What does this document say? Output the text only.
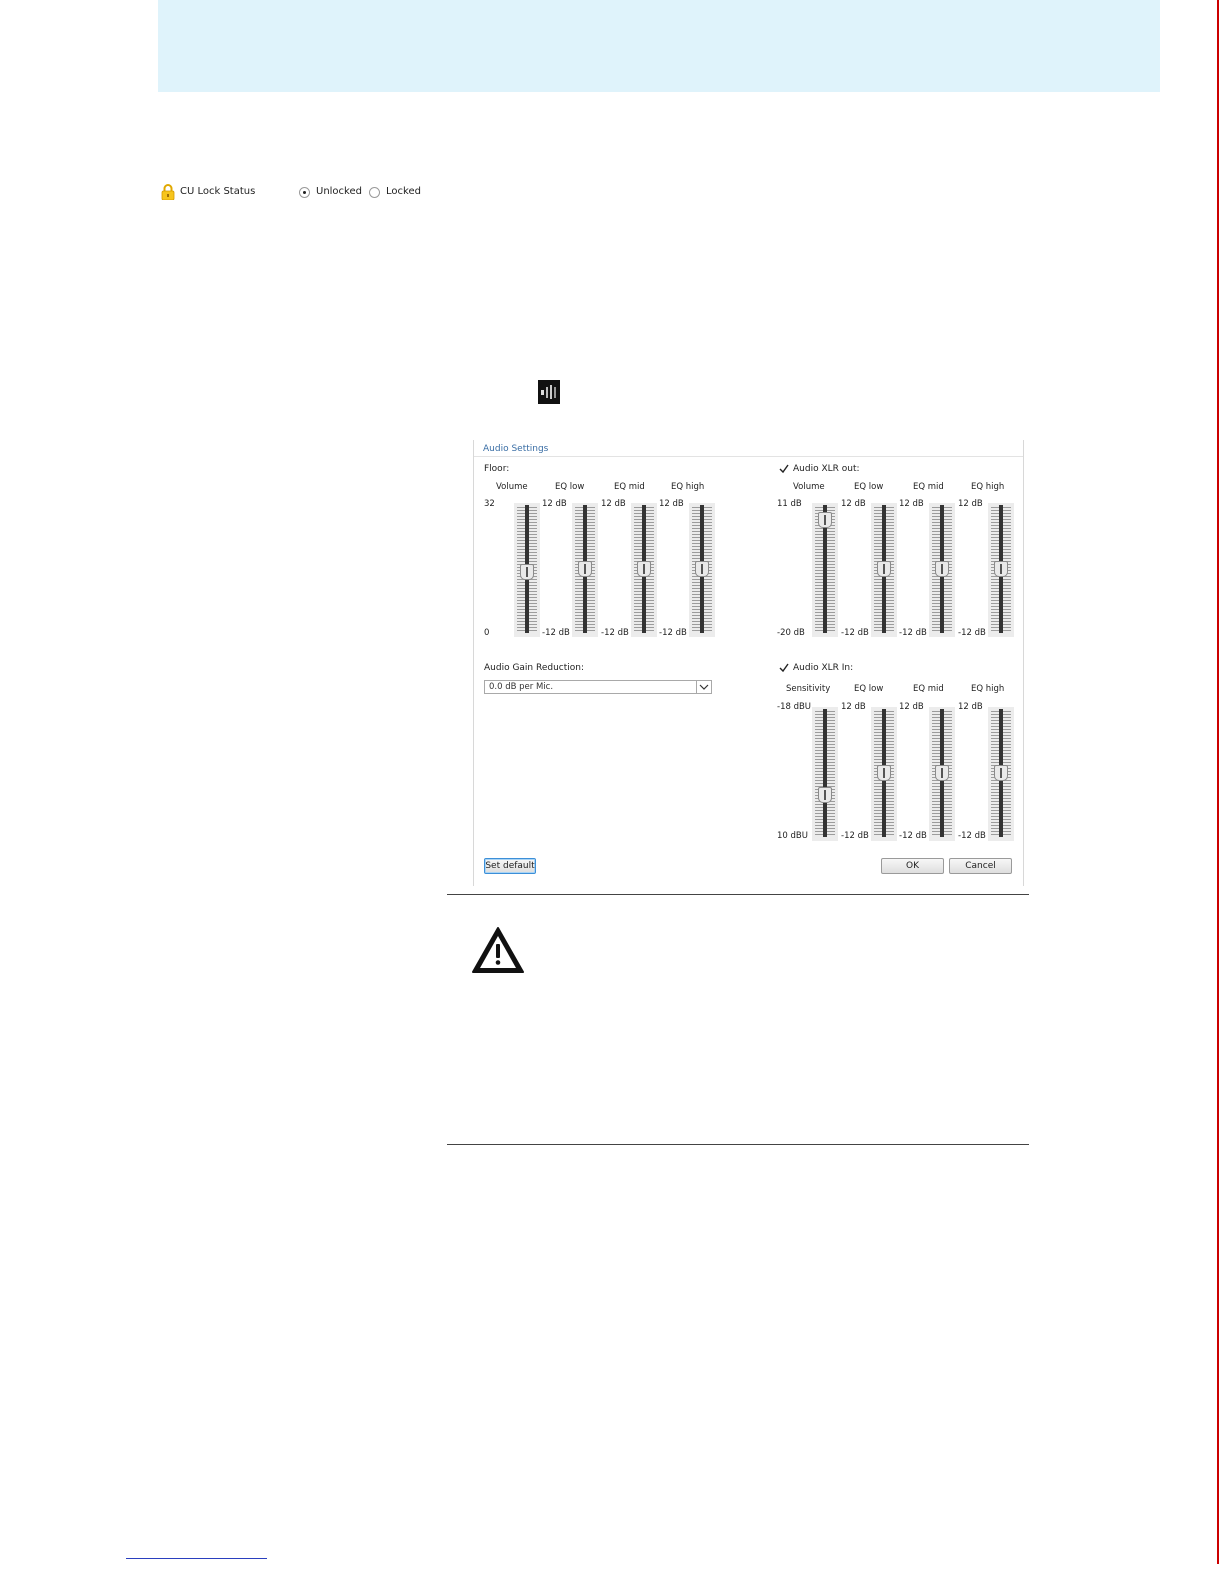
CU Lock Status	Unlocked Locked
Audio Settings
Floor:
Volume
32
0
EQ low
12 dB
-12 dB
EQ mid
12 dB
-12 dB
EQ high
12 dB
-12 dB
Audio XLR out:
Volume
11 dB
-20 dB
EQ low
12 dB
-12 dB
EQ mid
12 dB
-12 dB
EQ high
12 dB
-12 dB
Audio Gain Reduction:
0.0 dB per Mic.
Audio XLR In:
Sensitivity
-18 dBU
10 dBU
EQ low
12 dB
-12 dB
EQ mid
12 dB
-12 dB
EQ high
12 dB
-12 dB
Set default	OK	Cancel
